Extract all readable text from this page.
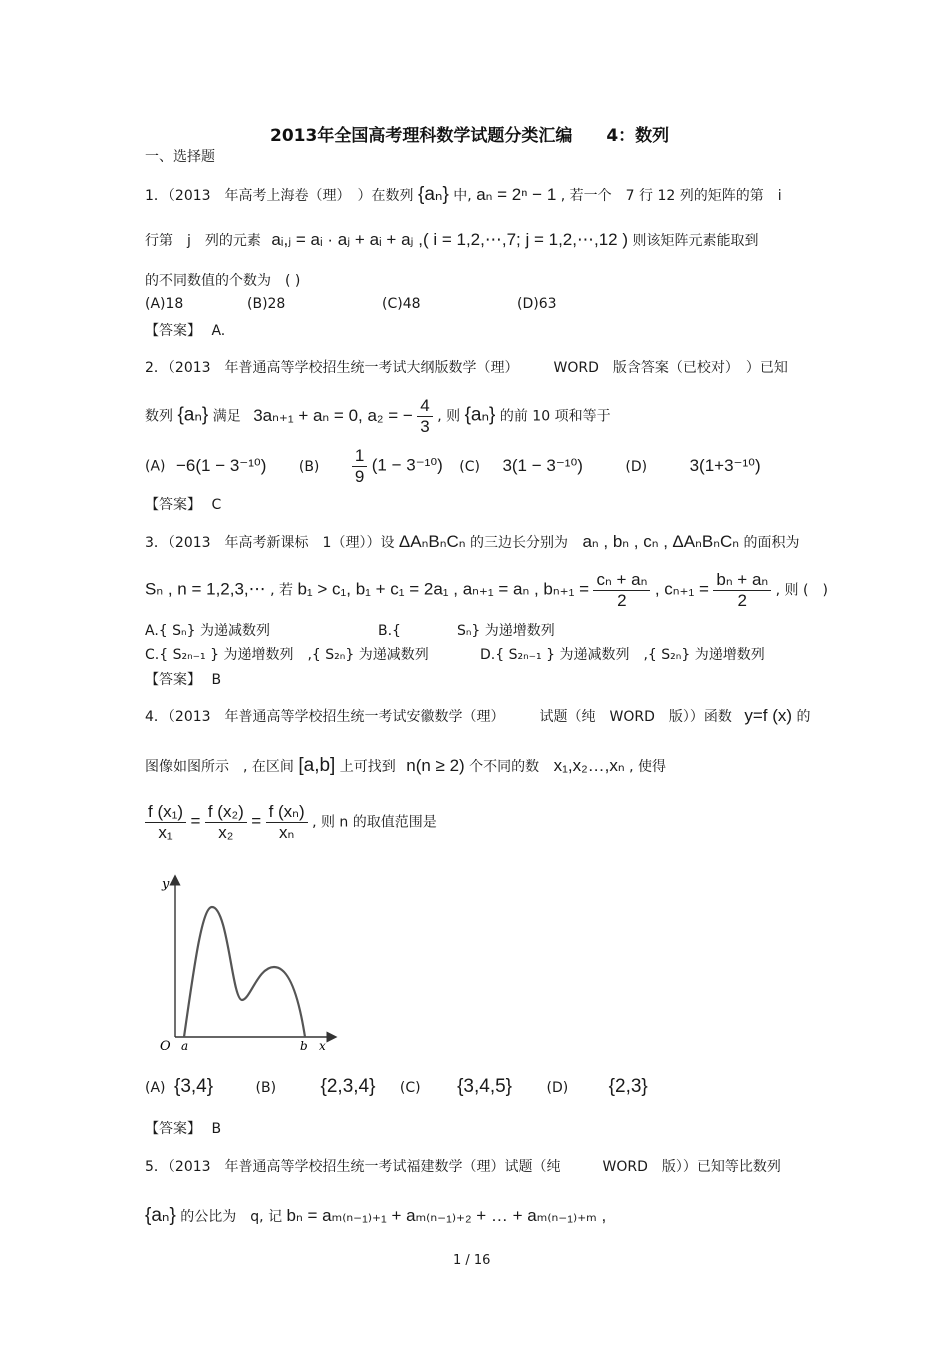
2013年全国高考理科数学试题分类汇编　　4：数列
一、选择题
1．（2013　年高考上海卷（理）　）在数列 {aₙ} 中, aₙ = 2ⁿ − 1 , 若一个　7 行 12 列的矩阵的第　i
行第　j　列的元素 aᵢ,ⱼ = aᵢ · aⱼ + aᵢ + aⱼ ,( i = 1,2,⋯,7; j = 1,2,⋯,12 ) 则该矩阵元素能取到
的不同数值的个数为　( )
(A)18	(B)28	(C)48	(D)63
【答案】 A.
2．（2013　年普通高等学校招生统一考试大纲版数学（理）　　　WORD　版含答案（已校对）　）已知
数列 {aₙ} 满足 3aₙ₊₁ + aₙ = 0, a₂ = − $\frac{4}{3}$ , 则 {aₙ} 的前 10 项和等于
(A) −6(1 − 3⁻¹⁰) $(B) \frac{1}{9} (1 - 3^{-10})$ (C) 3(1 − 3⁻¹⁰)	(D) 3(1+3⁻¹⁰)
【答案】 C
3．（2013　年高考新课标　1（理））设 ΔAₙBₙCₙ 的三边长分别为 aₙ , bₙ , cₙ , ΔAₙBₙCₙ 的面积为
Sₙ , n = 1,2,3,⋯ , 若 b₁ > c₁, b₁ + c₁ = 2a₁ , aₙ₊₁ = aₙ , $b_{n+1} = \frac{\text{cₙ + aₙ}}{2}$ , $c_{n+1} = \frac{\text{bₙ + aₙ}}{2}$ , 则 (　)
A.{ Sₙ} 为递减数列	B.{　　　　Sₙ} 为递增数列
C.{ S₂ₙ₋₁ } 为递增数列　,{ S₂ₙ} 为递减数列	D.{ S₂ₙ₋₁ } 为递减数列　,{ S₂ₙ} 为递增数列
【答案】 B
4．（2013　年普通高等学校招生统一考试安徽数学（理）　　　试题（纯　WORD　版））函数 y=f (x) 的
图像如图所示　, 在区间 [a,b] 上可找到 n(n ≥ 2) 个不同的数 x₁,x₂…,xₙ , 使得
$\frac{\text{f (x₁)}}{\text{x₁}} = \frac{\text{f (x₂)}}{\text{x₂}} = \frac{\text{f (xₙ)}}{\text{xₙ}}$ , 则 n 的取值范围是
y
O a	b x
(A) {3,4}	(B) {2,3,4} (C) {3,4,5} (D) {2,3}
【答案】 B
5．（2013　年普通高等学校招生统一考试福建数学（理）试题（纯　　　WORD　版））已知等比数列
{aₙ} 的公比为　q, 记 bₙ = aₘ₍ₙ₋₁₎₊₁ + aₘ₍ₙ₋₁₎₊₂ + … + aₘ₍ₙ₋₁₎₊ₘ ,
1 / 16
